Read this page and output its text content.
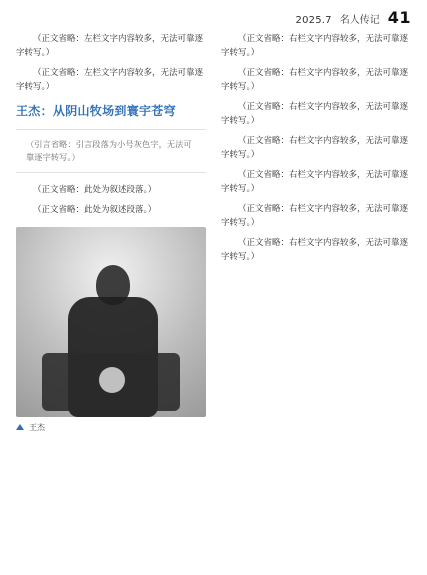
2025.7 名人传记 41

（正文省略：左栏文字内容较多，无法可靠逐字转写。）

（正文省略：左栏文字内容较多，无法可靠逐字转写。）

王杰：从阴山牧场到寰宇苍穹
（引言省略：引言段落为小号灰色字，无法可靠逐字转写。）

（正文省略：此处为叙述段落。）

（正文省略：此处为叙述段落。）

王杰

（正文省略：右栏文字内容较多，无法可靠逐字转写。）

（正文省略：右栏文字内容较多，无法可靠逐字转写。）

（正文省略：右栏文字内容较多，无法可靠逐字转写。）

（正文省略：右栏文字内容较多，无法可靠逐字转写。）

（正文省略：右栏文字内容较多，无法可靠逐字转写。）

（正文省略：右栏文字内容较多，无法可靠逐字转写。）

（正文省略：右栏文字内容较多，无法可靠逐字转写。）
